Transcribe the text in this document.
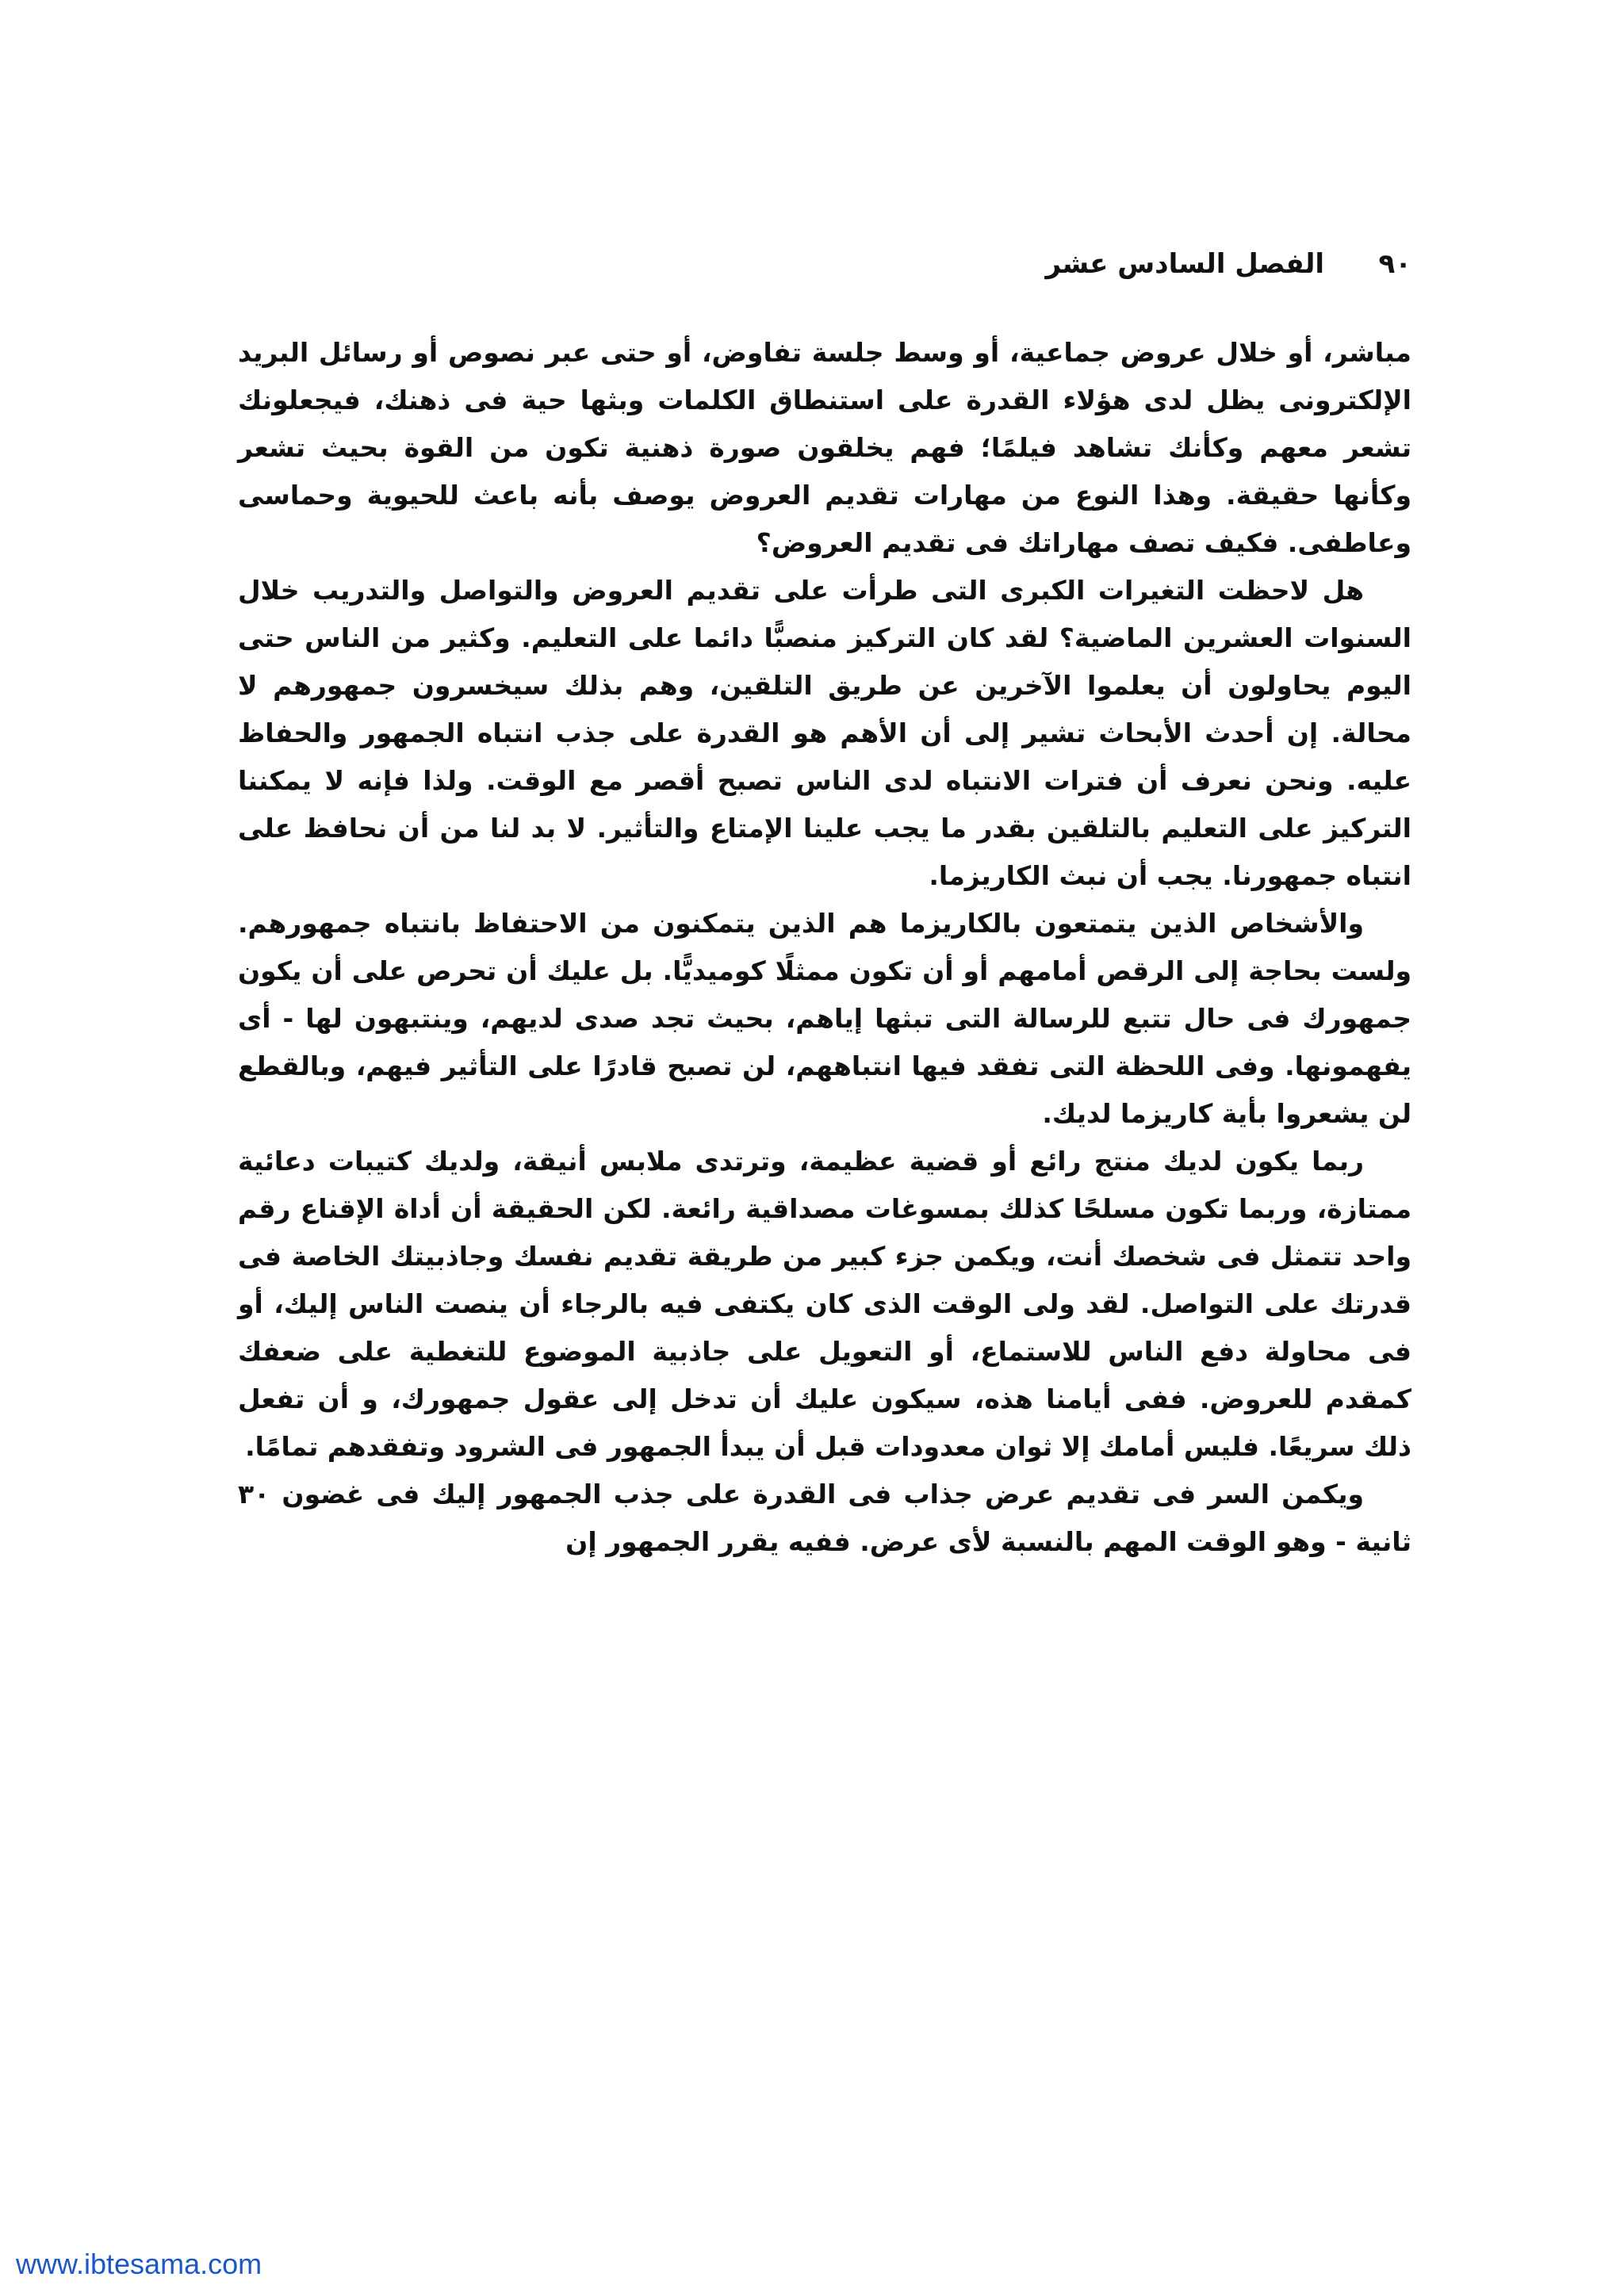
٩٠
الفصل السادس عشر

مباشر، أو خلال عروض جماعية، أو وسط جلسة تفاوض، أو حتى عبر نصوص أو رسائل البريد الإلكترونى يظل لدى هؤلاء القدرة على استنطاق الكلمات وبثها حية فى ذهنك، فيجعلونك تشعر معهم وكأنك تشاهد فيلمًا؛ فهم يخلقون صورة ذهنية تكون من القوة بحيث تشعر وكأنها حقيقة. وهذا النوع من مهارات تقديم العروض يوصف بأنه باعث للحيوية وحماسى وعاطفى. فكيف تصف مهاراتك فى تقديم العروض؟

هل لاحظت التغيرات الكبرى التى طرأت على تقديم العروض والتواصل والتدريب خلال السنوات العشرين الماضية؟ لقد كان التركيز منصبًّا دائما على التعليم. وكثير من الناس حتى اليوم يحاولون أن يعلموا الآخرين عن طريق التلقين، وهم بذلك سيخسرون جمهورهم لا محالة. إن أحدث الأبحاث تشير إلى أن الأهم هو القدرة على جذب انتباه الجمهور والحفاظ عليه. ونحن نعرف أن فترات الانتباه لدى الناس تصبح أقصر مع الوقت. ولذا فإنه لا يمكننا التركيز على التعليم بالتلقين بقدر ما يجب علينا الإمتاع والتأثير. لا بد لنا من أن نحافظ على انتباه جمهورنا. يجب أن نبث الكاريزما.

والأشخاص الذين يتمتعون بالكاريزما هم الذين يتمكنون من الاحتفاظ بانتباه جمهورهم. ولست بحاجة إلى الرقص أمامهم أو أن تكون ممثلًا كوميديًّا. بل عليك أن تحرص على أن يكون جمهورك فى حال تتبع للرسالة التى تبثها إياهم، بحيث تجد صدى لديهم، وينتبهون لها - أى يفهمونها. وفى اللحظة التى تفقد فيها انتباههم، لن تصبح قادرًا على التأثير فيهم، وبالقطع لن يشعروا بأية كاريزما لديك.

ربما يكون لديك منتج رائع أو قضية عظيمة، وترتدى ملابس أنيقة، ولديك كتيبات دعائية ممتازة، وربما تكون مسلحًا كذلك بمسوغات مصداقية رائعة. لكن الحقيقة أن أداة الإقناع رقم واحد تتمثل فى شخصك أنت، ويكمن جزء كبير من طريقة تقديم نفسك وجاذبيتك الخاصة فى قدرتك على التواصل. لقد ولى الوقت الذى كان يكتفى فيه بالرجاء أن ينصت الناس إليك، أو فى محاولة دفع الناس للاستماع، أو التعويل على جاذبية الموضوع للتغطية على ضعفك كمقدم للعروض. ففى أيامنا هذه، سيكون عليك أن تدخل إلى عقول جمهورك، و أن تفعل ذلك سريعًا. فليس أمامك إلا ثوان معدودات قبل أن يبدأ الجمهور فى الشرود وتفقدهم تمامًا.

ويكمن السر فى تقديم عرض جذاب فى القدرة على جذب الجمهور إليك فى غضون ٣٠ ثانية - وهو الوقت المهم بالنسبة لأى عرض. ففيه يقرر الجمهور إن

www.ibtesama.com
